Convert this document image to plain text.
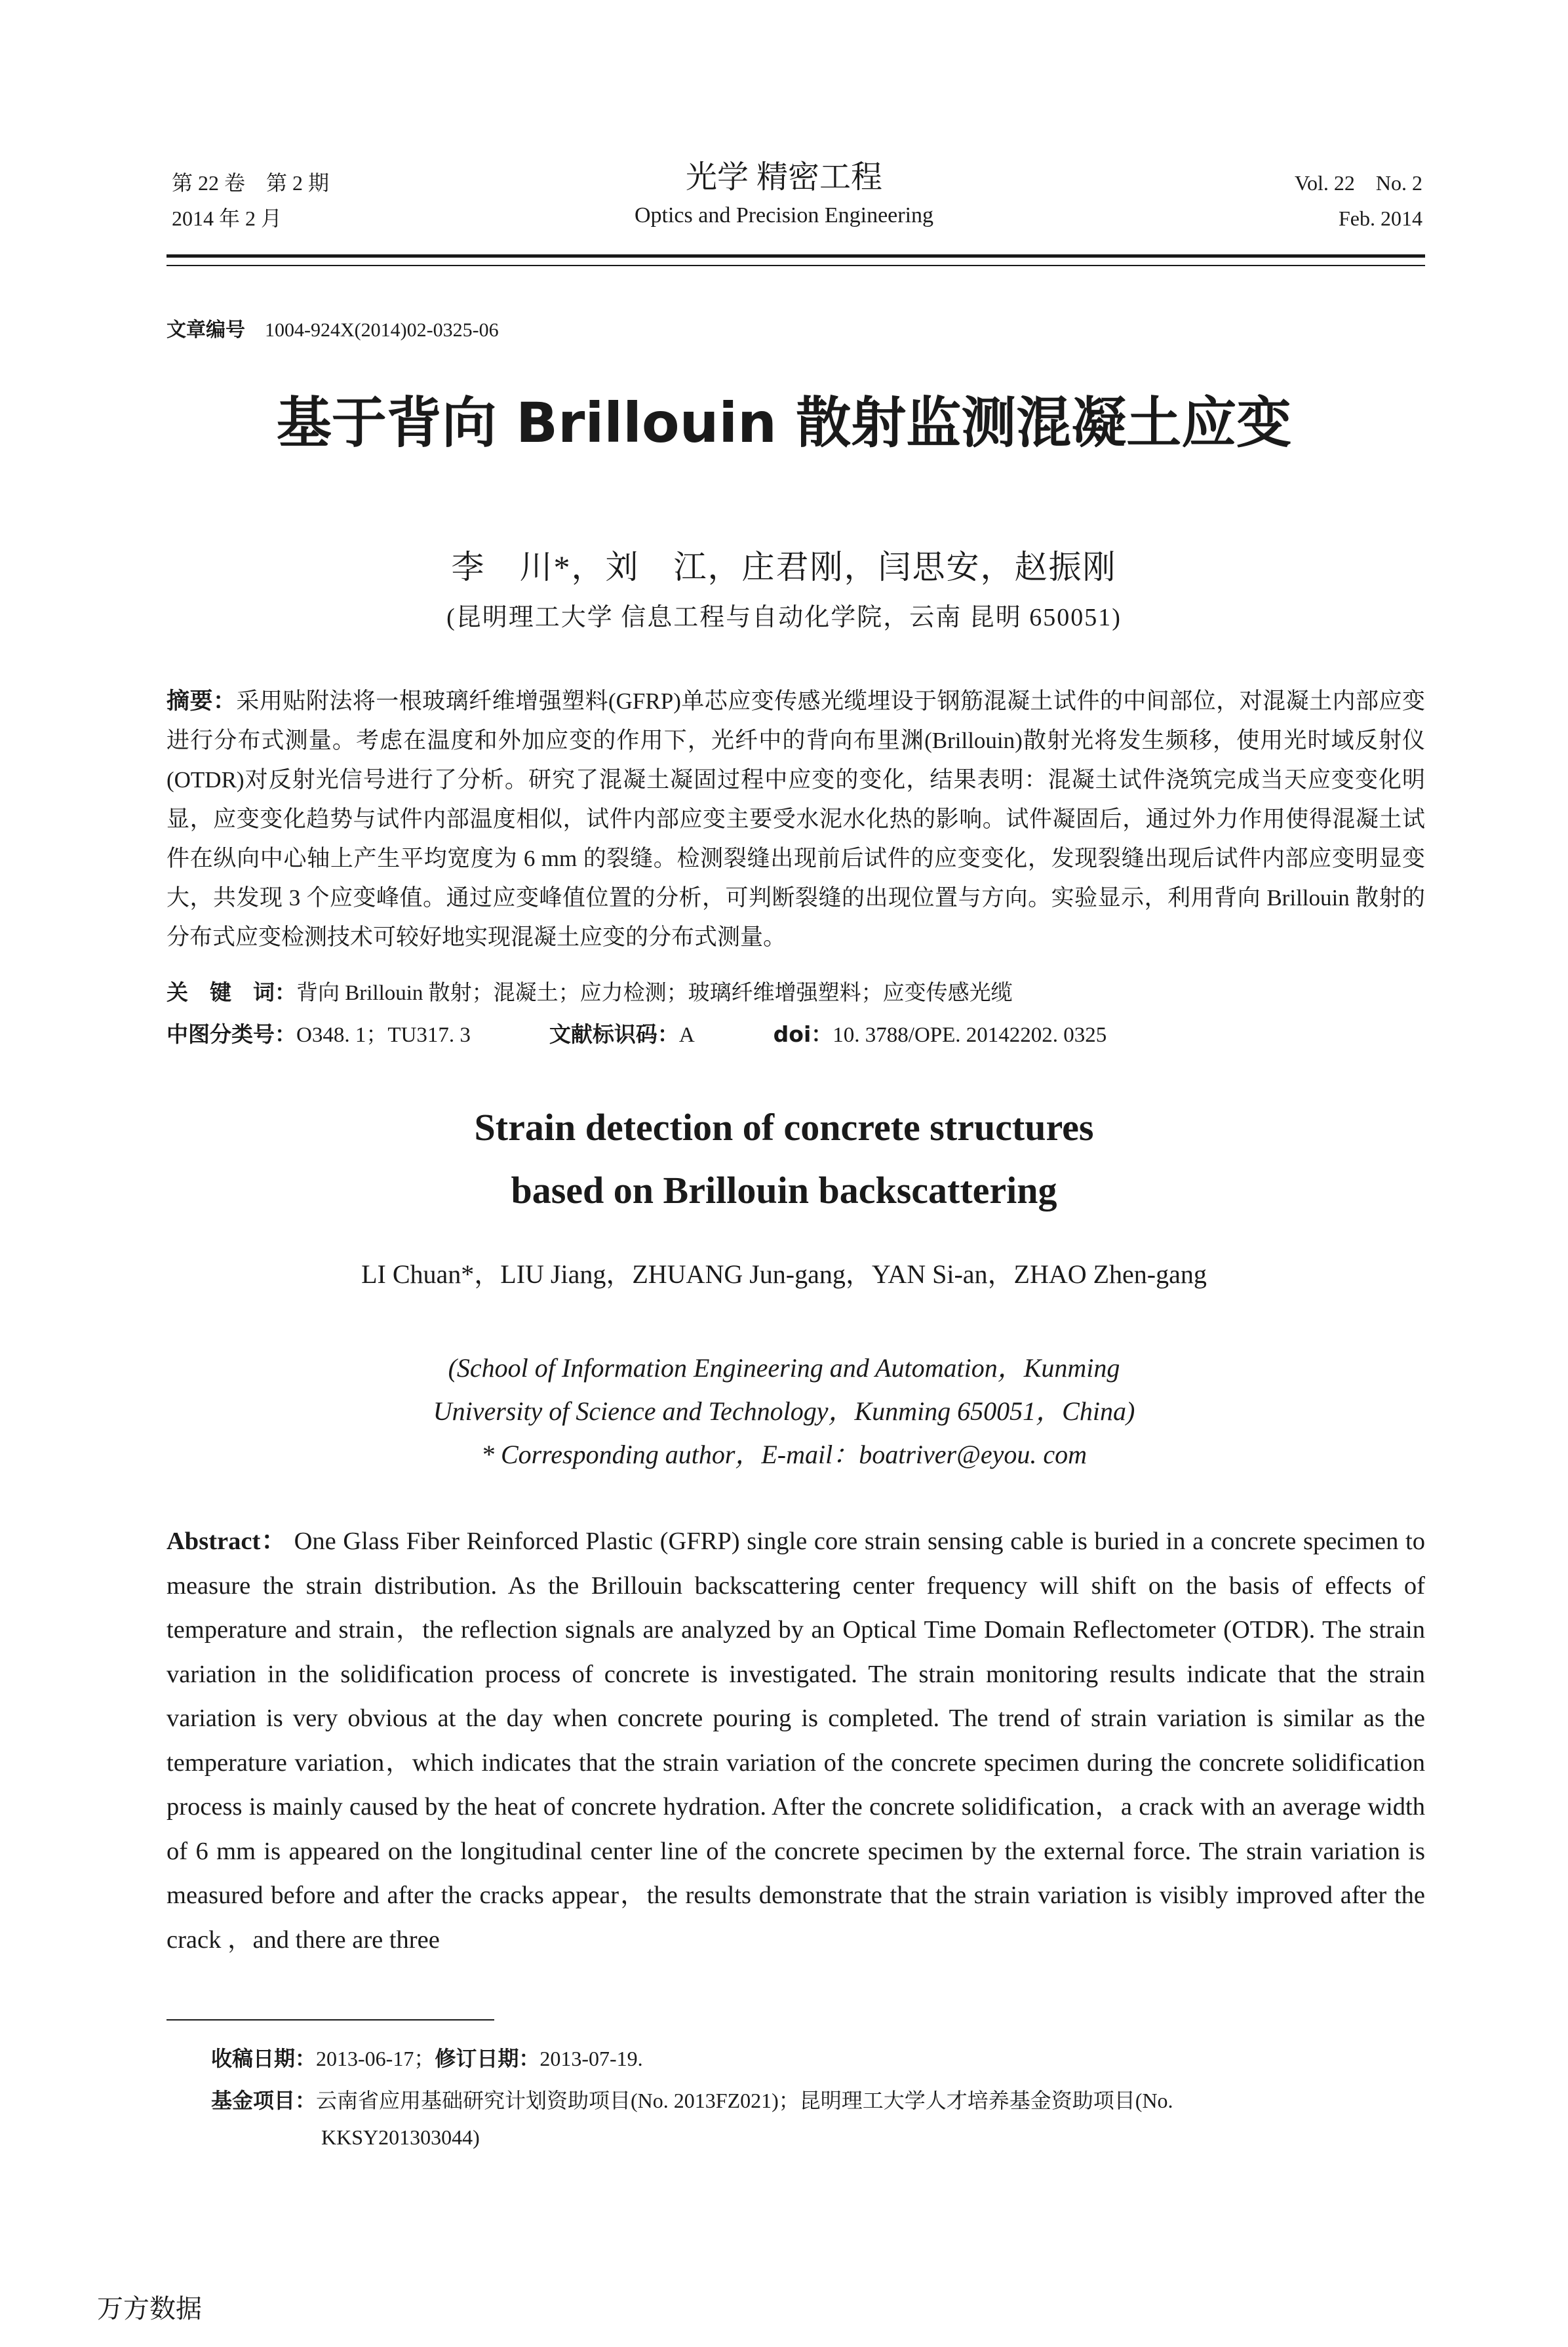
第 22 卷　第 2 期
2014 年 2 月
光学 精密工程
Optics and Precision Engineering
Vol. 22　No. 2
Feb. 2014
文章编号 1004-924X(2014)02-0325-06
基于背向 Brillouin 散射监测混凝土应变
李　川*，刘　江，庄君刚，闫思安，赵振刚
(昆明理工大学 信息工程与自动化学院，云南 昆明 650051)
摘要：采用贴附法将一根玻璃纤维增强塑料(GFRP)单芯应变传感光缆埋设于钢筋混凝土试件的中间部位，对混凝土内部应变进行分布式测量。考虑在温度和外加应变的作用下，光纤中的背向布里渊(Brillouin)散射光将发生频移，使用光时域反射仪(OTDR)对反射光信号进行了分析。研究了混凝土凝固过程中应变的变化，结果表明：混凝土试件浇筑完成当天应变变化明显，应变变化趋势与试件内部温度相似，试件内部应变主要受水泥水化热的影响。试件凝固后，通过外力作用使得混凝土试件在纵向中心轴上产生平均宽度为 6 mm 的裂缝。检测裂缝出现前后试件的应变变化，发现裂缝出现后试件内部应变明显变大，共发现 3 个应变峰值。通过应变峰值位置的分析，可判断裂缝的出现位置与方向。实验显示，利用背向 Brillouin 散射的分布式应变检测技术可较好地实现混凝土应变的分布式测量。
关　键　词：背向 Brillouin 散射；混凝土；应力检测；玻璃纤维增强塑料；应变传感光缆
中图分类号：O348. 1；TU317. 3	文献标识码：A	doi：10. 3788/OPE. 20142202. 0325
Strain detection of concrete structures
based on Brillouin backscattering
LI Chuan*，LIU Jiang，ZHUANG Jun-gang，YAN Si-an，ZHAO Zhen-gang
(School of Information Engineering and Automation，Kunming
University of Science and Technology，Kunming 650051，China)
* Corresponding author，E-mail：boatriver@eyou. com
Abstract： One Glass Fiber Reinforced Plastic (GFRP) single core strain sensing cable is buried in a concrete specimen to measure the strain distribution. As the Brillouin backscattering center frequency will shift on the basis of effects of temperature and strain，the reflection signals are analyzed by an Optical Time Domain Reflectometer (OTDR). The strain variation in the solidification process of concrete is investigated. The strain monitoring results indicate that the strain variation is very obvious at the day when concrete pouring is completed. The trend of strain variation is similar as the temperature variation，which indicates that the strain variation of the concrete specimen during the concrete solidification process is mainly caused by the heat of concrete hydration. After the concrete solidification，a crack with an average width of 6 mm is appeared on the longitudinal center line of the concrete specimen by the external force. The strain variation is measured before and after the cracks appear，the results demonstrate that the strain variation is visibly improved after the crack ，and there are three
收稿日期：2013-06-17；修订日期：2013-07-19.
基金项目：云南省应用基础研究计划资助项目(No. 2013FZ021)；昆明理工大学人才培养基金资助项目(No.
KKSY201303044)
万方数据
